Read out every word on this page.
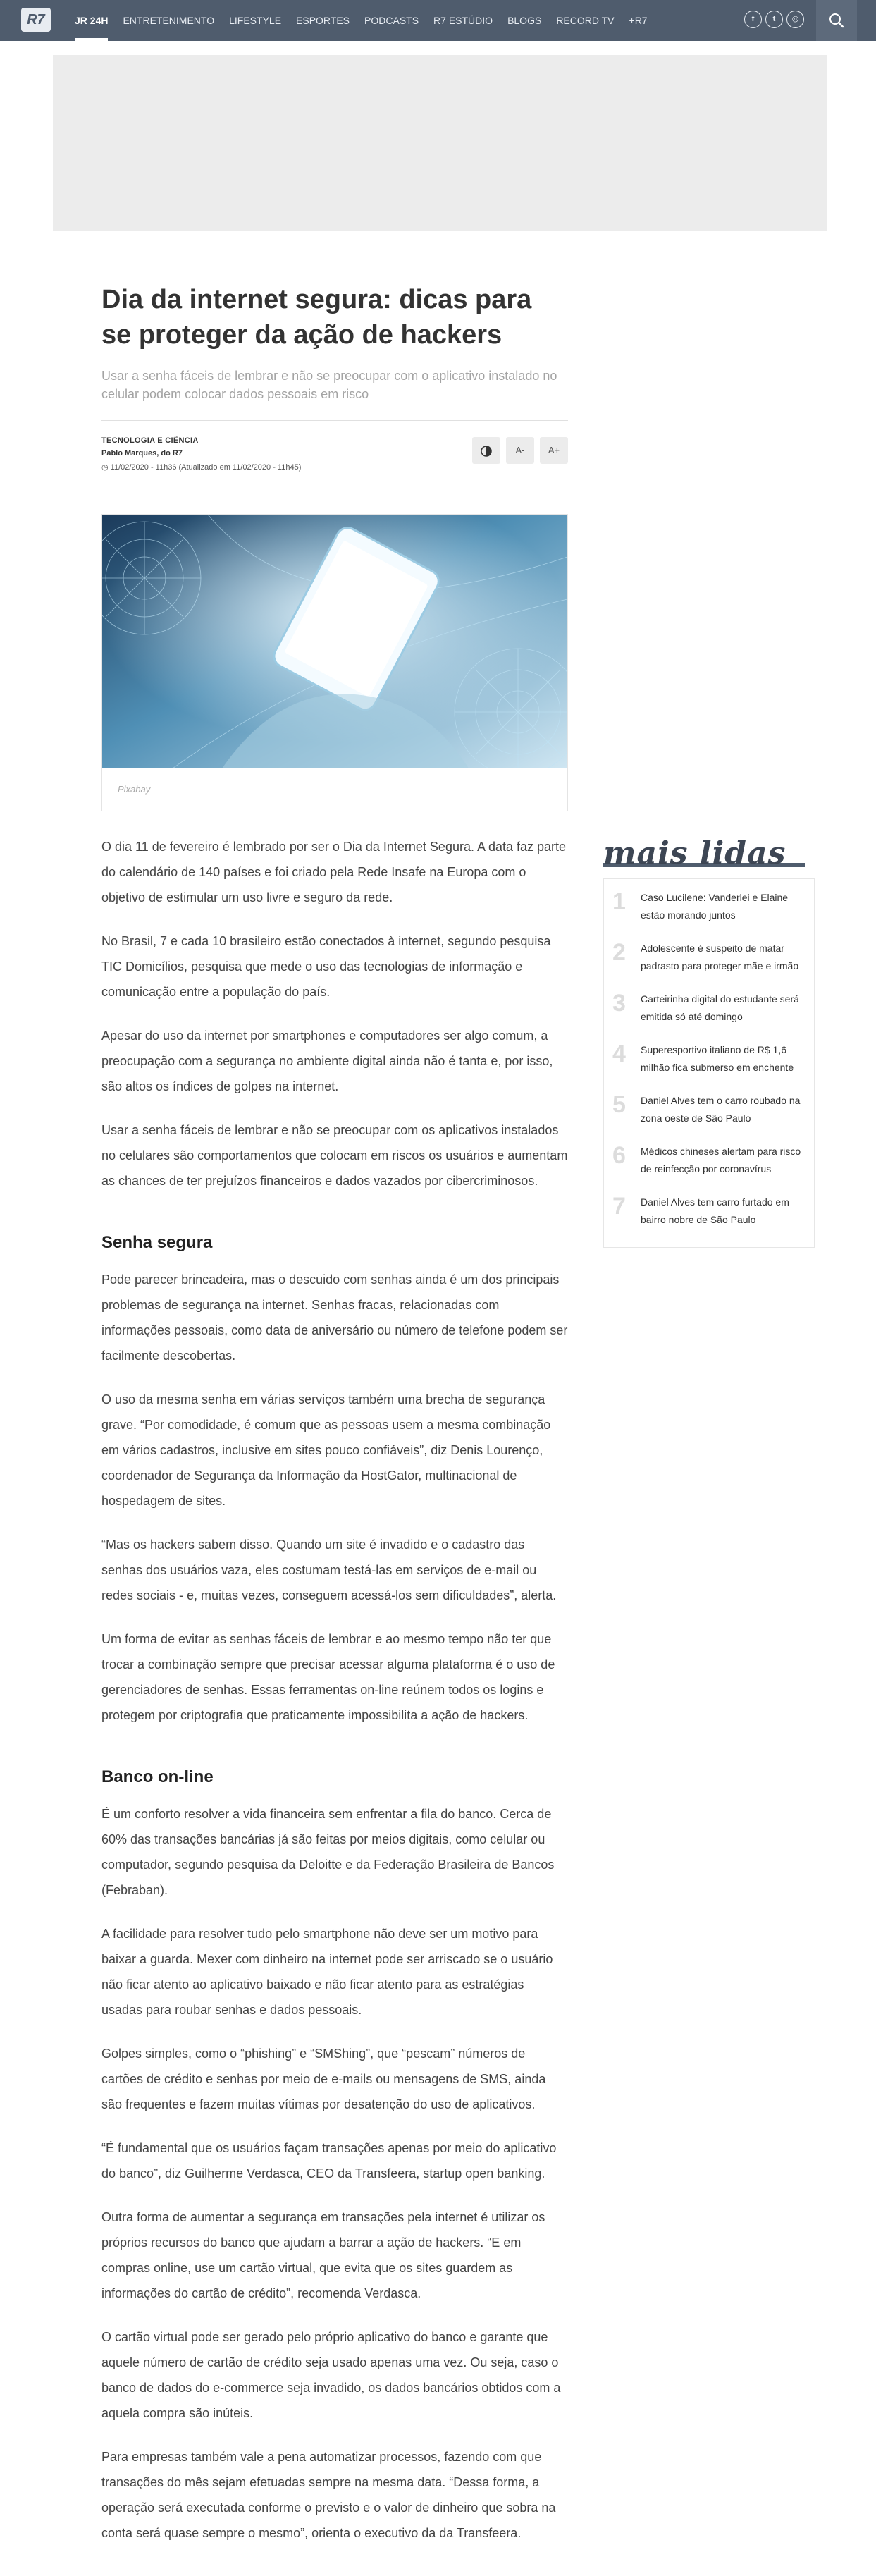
R7	JR 24H ENTRETENIMENTO LIFESTYLE ESPORTES PODCASTS R7 ESTÚDIO BLOGS RECORD TV +R7	f	t	◎
Dia da internet segura: dicas para se proteger da ação de hackers

Usar a senha fáceis de lembrar e não se preocupar com o aplicativo instalado no celular podem colocar dados pessoais em risco

TECNOLOGIA E CIÊNCIA
Pablo Marques, do R7
◷ 11/02/2020 - 11h36 (Atualizado em 11/02/2020 - 11h45)
A-	A+
Pixabay

O dia 11 de fevereiro é lembrado por ser o Dia da Internet Segura. A data faz parte do calendário de 140 países e foi criado pela Rede Insafe na Europa com o objetivo de estimular um uso livre e seguro da rede.

No Brasil, 7 e cada 10 brasileiro estão conectados à internet, segundo pesquisa TIC Domicílios, pesquisa que mede o uso das tecnologias de informação e comunicação entre a população do país.

Apesar do uso da internet por smartphones e computadores ser algo comum, a preocupação com a segurança no ambiente digital ainda não é tanta e, por isso, são altos os índices de golpes na internet.

Usar a senha fáceis de lembrar e não se preocupar com os aplicativos instalados no celulares são comportamentos que colocam em riscos os usuários e aumentam as chances de ter prejuízos financeiros e dados vazados por cibercriminosos.

Senha segura

Pode parecer brincadeira, mas o descuido com senhas ainda é um dos principais problemas de segurança na internet. Senhas fracas, relacionadas com informações pessoais, como data de aniversário ou número de telefone podem ser facilmente descobertas.

O uso da mesma senha em várias serviços também uma brecha de segurança grave. “Por comodidade, é comum que as pessoas usem a mesma combinação em vários cadastros, inclusive em sites pouco confiáveis”, diz Denis Lourenço, coordenador de Segurança da Informação da HostGator, multinacional de hospedagem de sites.

“Mas os hackers sabem disso. Quando um site é invadido e o cadastro das senhas dos usuários vaza, eles costumam testá-las em serviços de e-mail ou redes sociais - e, muitas vezes, conseguem acessá-los sem dificuldades”, alerta.

Um forma de evitar as senhas fáceis de lembrar e ao mesmo tempo não ter que trocar a combinação sempre que precisar acessar alguma plataforma é o uso de gerenciadores de senhas. Essas ferramentas on-line reúnem todos os logins e protegem por criptografia que praticamente impossibilita a ação de hackers.

Banco on-line

É um conforto resolver a vida financeira sem enfrentar a fila do banco. Cerca de 60% das transações bancárias já são feitas por meios digitais, como celular ou computador, segundo pesquisa da Deloitte e da Federação Brasileira de Bancos (Febraban).

A facilidade para resolver tudo pelo smartphone não deve ser um motivo para baixar a guarda. Mexer com dinheiro na internet pode ser arriscado se o usuário não ficar atento ao aplicativo baixado e não ficar atento para as estratégias usadas para roubar senhas e dados pessoais.

Golpes simples, como o “phishing” e “SMShing”, que “pescam” números de cartões de crédito e senhas por meio de e-mails ou mensagens de SMS, ainda são frequentes e fazem muitas vítimas por desatenção do uso de aplicativos.

“É fundamental que os usuários façam transações apenas por meio do aplicativo do banco”, diz Guilherme Verdasca, CEO da Transfeera, startup open banking.

Outra forma de aumentar a segurança em transações pela internet é utilizar os próprios recursos do banco que ajudam a barrar a ação de hackers. “E em compras online, use um cartão virtual, que evita que os sites guardem as informações do cartão de crédito”, recomenda Verdasca.

O cartão virtual pode ser gerado pelo próprio aplicativo do banco e garante que aquele número de cartão de crédito seja usado apenas uma vez. Ou seja, caso o banco de dados do e-commerce seja invadido, os dados bancários obtidos com a aquela compra são inúteis.

Para empresas também vale a pena automatizar processos, fazendo com que transações do mês sejam efetuadas sempre na mesma data. “Dessa forma, a operação será executada conforme o previsto e o valor de dinheiro que sobra na conta será quase sempre o mesmo”, orienta o executivo da da Transfeera.

mais lidas
1	Caso Lucilene: Vanderlei e Elaine estão morando juntos
2	Adolescente é suspeito de matar padrasto para proteger mãe e irmão
3	Carteirinha digital do estudante será emitida só até domingo
4	Superesportivo italiano de R$ 1,6 milhão fica submerso em enchente
5	Daniel Alves tem o carro roubado na zona oeste de São Paulo
6	Médicos chineses alertam para risco de reinfecção por coronavírus
7	Daniel Alves tem carro furtado em bairro nobre de São Paulo
